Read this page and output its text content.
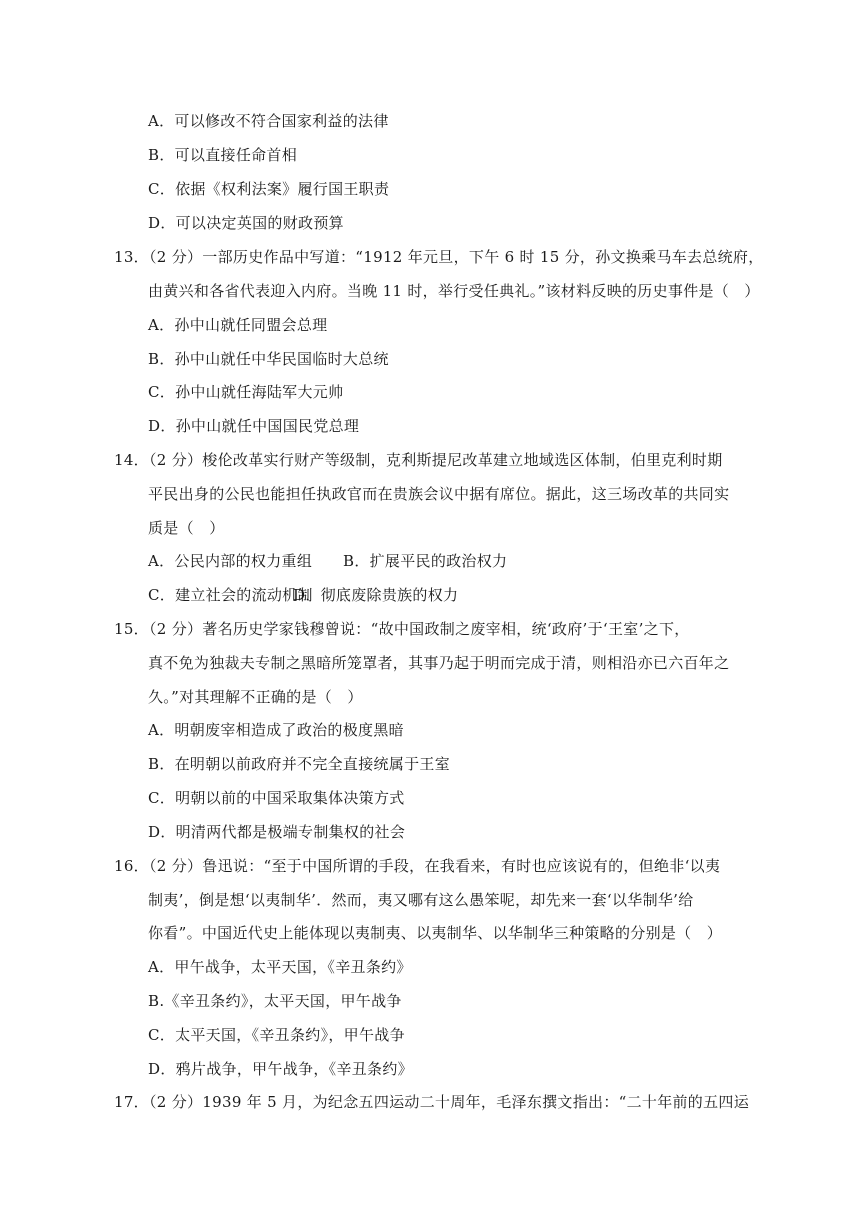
A．可以修改不符合国家利益的法律
B．可以直接任命首相
C．依据《权利法案》履行国王职责
D．可以决定英国的财政预算
13．（2 分）一部历史作品中写道：“1912 年元旦，下午 6 时 15 分，孙文换乘马车去总统府，
由黄兴和各省代表迎入内府。当晚 11 时，举行受任典礼。”该材料反映的历史事件是（　）
A．孙中山就任同盟会总理
B．孙中山就任中华民国临时大总统
C．孙中山就任海陆军大元帅
D．孙中山就任中国国民党总理
14．（2 分）梭伦改革实行财产等级制，克利斯提尼改革建立地域选区体制，伯里克利时期
平民出身的公民也能担任执政官而在贵族会议中据有席位。据此，这三场改革的共同实
质是（　）
A．公民内部的权力重组 B．扩展平民的政治权力
C．建立社会的流动机制
D．彻底废除贵族的权力
15．（2 分）著名历史学家钱穆曾说：“故中国政制之废宰相，统‘政府’于‘王室’之下，
真不免为独裁夫专制之黑暗所笼罩者，其事乃起于明而完成于清，则相沿亦已六百年之
久。”对其理解不正确的是（　）
A．明朝废宰相造成了政治的极度黑暗
B．在明朝以前政府并不完全直接统属于王室
C．明朝以前的中国采取集体决策方式
D．明清两代都是极端专制集权的社会
16．（2 分）鲁迅说：“至于中国所谓的手段，在我看来，有时也应该说有的，但绝非‘以夷
制夷’，倒是想‘以夷制华’．然而，夷又哪有这么愚笨呢，却先来一套‘以华制华’给
你看”。中国近代史上能体现以夷制夷、以夷制华、以华制华三种策略的分别是（　）
A．甲午战争，太平天国，《辛丑条约》
B.《辛丑条约》，太平天国，甲午战争
C．太平天国，《辛丑条约》，甲午战争
D．鸦片战争，甲午战争，《辛丑条约》
17．（2 分）1939 年 5 月，为纪念五四运动二十周年，毛泽东撰文指出：“二十年前的五四运
